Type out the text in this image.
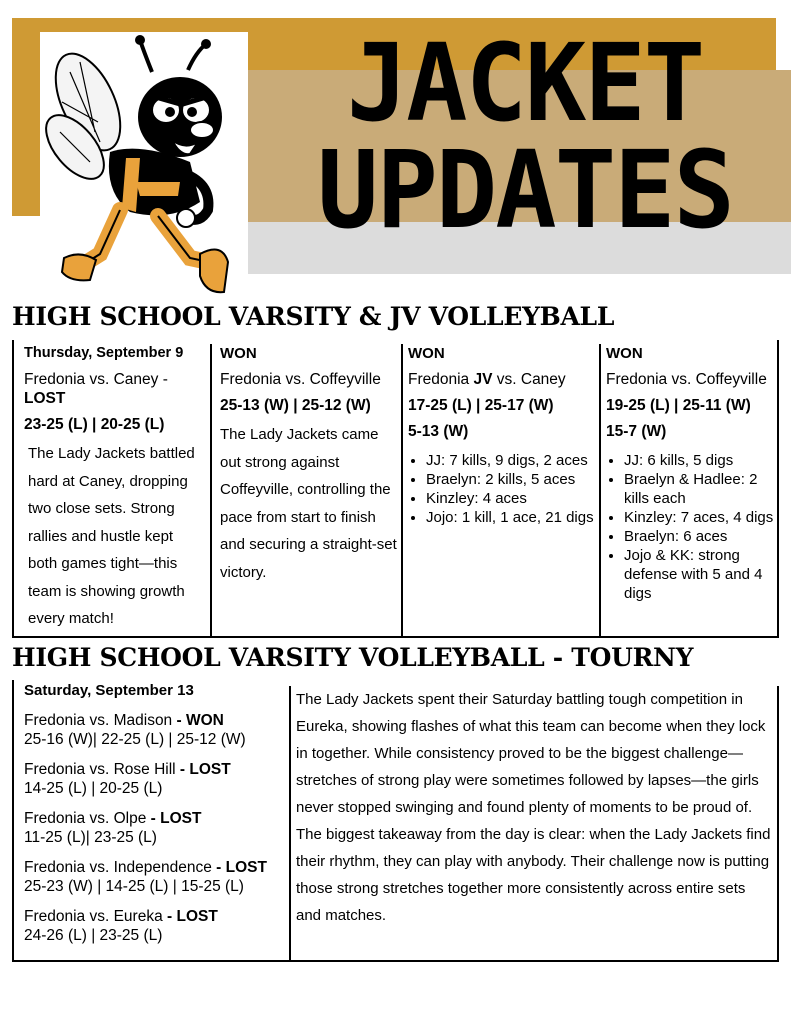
JACKET
UPDATES
HIGH SCHOOL VARSITY & JV VOLLEYBALL
Thursday, September 9
Fredonia vs. Caney - LOST
23-25 (L) | 20-25 (L)
The Lady Jackets battled hard at Caney, dropping two close sets. Strong rallies and hustle kept both games tight—this team is showing growth every match!
WON
Fredonia vs. Coffeyville
25-13 (W) | 25-12 (W)
The Lady Jackets came out strong against Coffeyville, controlling the pace from start to finish and securing a straight-set victory.
WON
Fredonia JV vs. Caney
17-25 (L) | 25-17 (W)
5-13 (W)
• JJ: 7 kills, 9 digs, 2 aces
• Braelyn: 2 kills, 5 aces
• Kinzley: 4 aces
• Jojo: 1 kill, 1 ace, 21 digs
WON
Fredonia vs. Coffeyville
19-25 (L) | 25-11 (W)
15-7 (W)
• JJ: 6 kills, 5 digs
• Braelyn & Hadlee: 2 kills each
• Kinzley: 7 aces, 4 digs
• Braelyn: 6 aces
• Jojo & KK: strong defense with 5 and 4 digs
HIGH SCHOOL VARSITY VOLLEYBALL - TOURNY
Saturday, September 13
Fredonia vs. Madison - WON
25-16 (W)| 22-25 (L) | 25-12 (W)
Fredonia vs. Rose Hill - LOST
14-25 (L) | 20-25 (L)
Fredonia vs. Olpe - LOST
11-25 (L)| 23-25 (L)
Fredonia vs. Independence - LOST
25-23 (W) | 14-25 (L) | 15-25 (L)
Fredonia vs. Eureka - LOST
24-26 (L) | 23-25 (L)
The Lady Jackets spent their Saturday battling tough competition in Eureka, showing flashes of what this team can become when they lock in together. While consistency proved to be the biggest challenge—stretches of strong play were sometimes followed by lapses—the girls never stopped swinging and found plenty of moments to be proud of.
The biggest takeaway from the day is clear: when the Lady Jackets find their rhythm, they can play with anybody. Their challenge now is putting those strong stretches together more consistently across entire sets and matches.
